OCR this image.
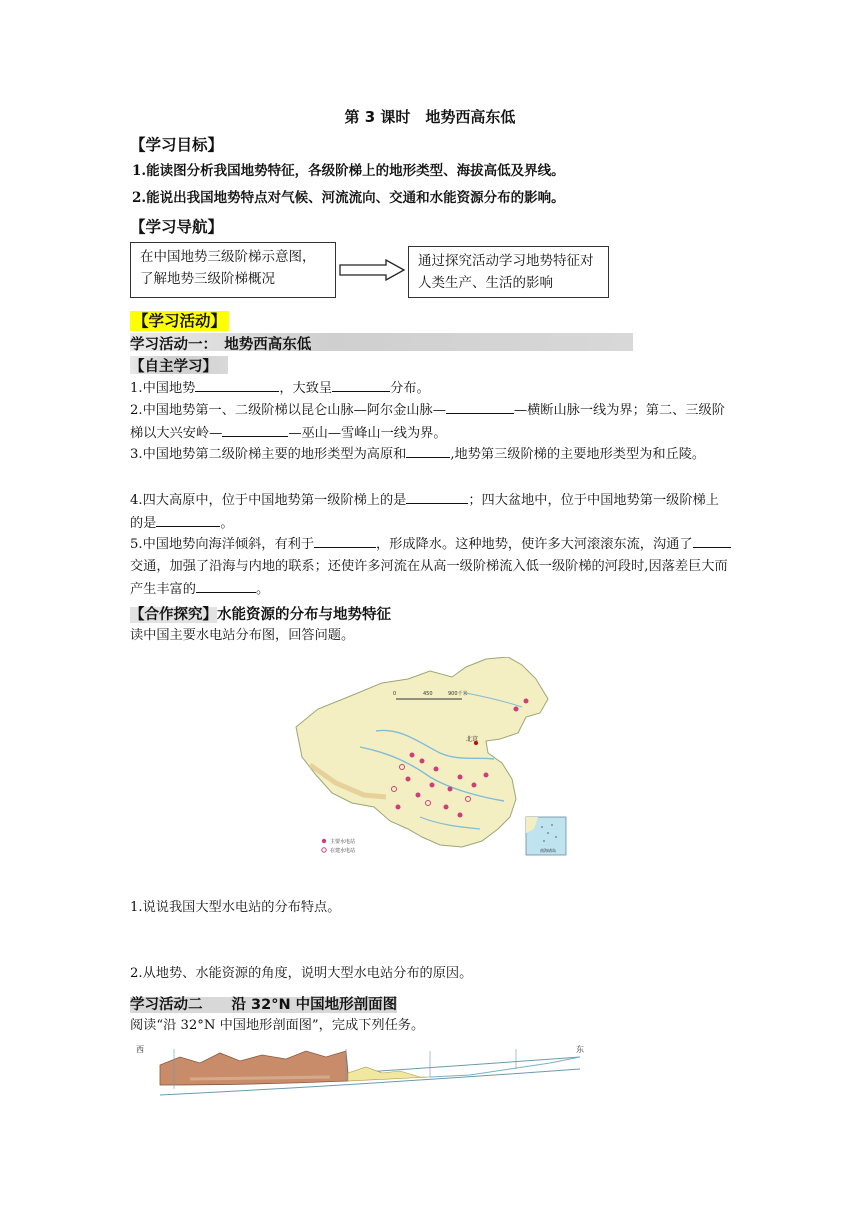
第 3 课时　地势西高东低
【学习目标】
1.能读图分析我国地势特征，各级阶梯上的地形类型、海拔高低及界线。
2.能说出我国地势特点对气候、河流流向、交通和水能资源分布的影响。
【学习导航】
在中国地势三级阶梯示意图，了解地势三级阶梯概况
通过探究活动学习地势特征对人类生产、生活的影响
【学习活动】
学习活动一：　地势西高东低
【自主学习】
1.中国地势	，大致呈	分布。
2.中国地势第一、二级阶梯以昆仑山脉—阿尔金山脉—	—横断山脉一线为界；第二、三级阶梯以大兴安岭—	—巫山—雪峰山一线为界。
3.中国地势第二级阶梯主要的地形类型为高原和	,地势第三级阶梯的主要地形类型为和丘陵。
4.四大高原中，位于中国地势第一级阶梯上的是	；四大盆地中，位于中国地势第一级阶梯上的是	。
5.中国地势向海洋倾斜，有利于	，形成降水。这种地势，使许多大河滚滚东流，沟通了交通，加强了沿海与内地的联系；还使许多河流在从高一级阶梯流入低一级阶梯的河段时,因落差巨大而产生丰富的	。
【合作探究】水能资源的分布与地势特征
读中国主要水电站分布图，回答问题。
0	450	900千米
北京
主要水电站
在建水电站	南海诸岛
1.说说我国大型水电站的分布特点。
2.从地势、水能资源的角度，说明大型水电站分布的原因。
学习活动二　　沿 32°N 中国地形剖面图
阅读“沿 32°N 中国地形剖面图”，完成下列任务。
西	东
